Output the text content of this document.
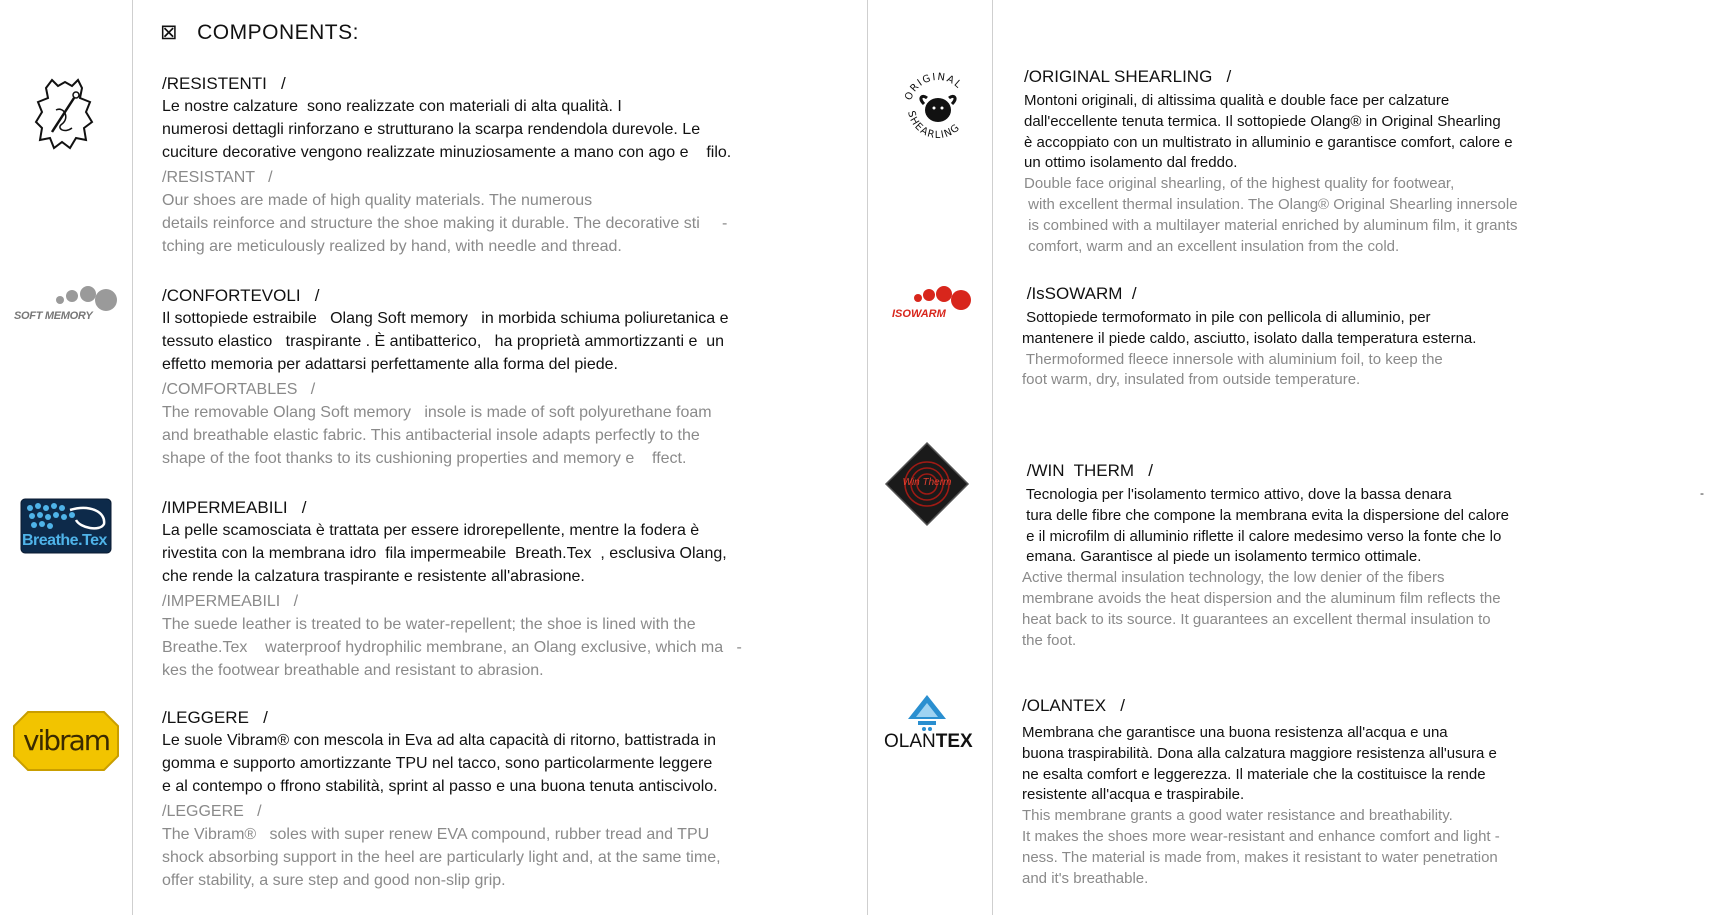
⊠ COMPONENTS:
SOFT MEMORY
Breathe.Tex
vibram
/RESISTENTI   /
Le nostre calzature  sono realizzate con materiali di alta qualità. I
numerosi dettagli rinforzano e strutturano la scarpa rendendola durevole. Le
cuciture decorative vengono realizzate minuziosamente a mano con ago e    filo.
/RESISTANT   /
Our shoes are made of high quality materials. The numerous
details reinforce and structure the shoe making it durable. The decorative sti     -
tching are meticulously realized by hand, with needle and thread.
/CONFORTEVOLI   /
Il sottopiede estraibile   Olang Soft memory   in morbida schiuma poliuretanica e
tessuto elastico   traspirante . È antibatterico,   ha proprietà ammortizzanti e  un
effetto memoria per adattarsi perfettamente alla forma del piede.
/COMFORTABLES   /
The removable Olang Soft memory   insole is made of soft polyurethane foam
and breathable elastic fabric. This antibacterial insole adapts perfectly to the
shape of the foot thanks to its cushioning properties and memory e    ffect.
/IMPERMEABILI   /
La pelle scamosciata è trattata per essere idrorepellente, mentre la fodera è
rivestita con la membrana idro  fila impermeabile  Breath.Tex  , esclusiva Olang,
che rende la calzatura traspirante e resistente all'abrasione.
/IMPERMEABILI   /
The suede leather is treated to be water-repellent; the shoe is lined with the
Breathe.Tex    waterproof hydrophilic membrane, an Olang exclusive, which ma   -
kes the footwear breathable and resistant to abrasion.
/LEGGERE   /
Le suole Vibram® con mescola in Eva ad alta capacità di ritorno, battistrada in
gomma e supporto amortizzante TPU nel tacco, sono particolarmente leggere
e al contempo o ffrono stabilità, sprint al passo e una buona tenuta antiscivolo.
/LEGGERE   /
The Vibram®   soles with super renew EVA compound, rubber tread and TPU
shock absorbing support in the heel are particularly light and, at the same time,
offer stability, a sure step and good non-slip grip.
ORIGINAL
SHEARLING
ISOWARM
Win Therm
OLANTEX
/ORIGINAL SHEARLING   /
Montoni originali, di altissima qualità e double face per calzature
dall'eccellente tenuta termica. Il sottopiede Olang® in Original Shearling
è accoppiato con un multistrato in alluminio e garantisce comfort, calore e
un ottimo isolamento dal freddo.
Double face original shearling, of the highest quality for footwear,
with excellent thermal insulation. The Olang® Original Shearling innersole
is combined with a multilayer material enriched by aluminum film, it grants
comfort, warm and an excellent insulation from the cold.
/IsSOWARM  /
Sottopiede termoformato in pile con pellicola di alluminio, per
mantenere il piede caldo, asciutto, isolato dalla temperatura esterna.
Thermoformed fleece innersole with aluminium foil, to keep the
foot warm, dry, insulated from outside temperature.
/WIN  THERM   /
Tecnologia per l'isolamento termico attivo, dove la bassa denara
tura delle fibre che compone la membrana evita la dispersione del calore
e il microfilm di alluminio riflette il calore medesimo verso la fonte che lo
emana. Garantisce al piede un isolamento termico ottimale.
Active thermal insulation technology, the low denier of the fibers
membrane avoids the heat dispersion and the aluminum film reflects the
heat back to its source. It guarantees an excellent thermal insulation to
the foot.
/OLANTEX   /
Membrana che garantisce una buona resistenza all'acqua e una
buona traspirabilità. Dona alla calzatura maggiore resistenza all'usura e
ne esalta comfort e leggerezza. Il materiale che la costituisce la rende
resistente all'acqua e traspirabile.
This membrane grants a good water resistance and breathability.
It makes the shoes more wear-resistant and enhance comfort and light -
ness. The material is made from, makes it resistant to water penetration
and it's breathable.
-
